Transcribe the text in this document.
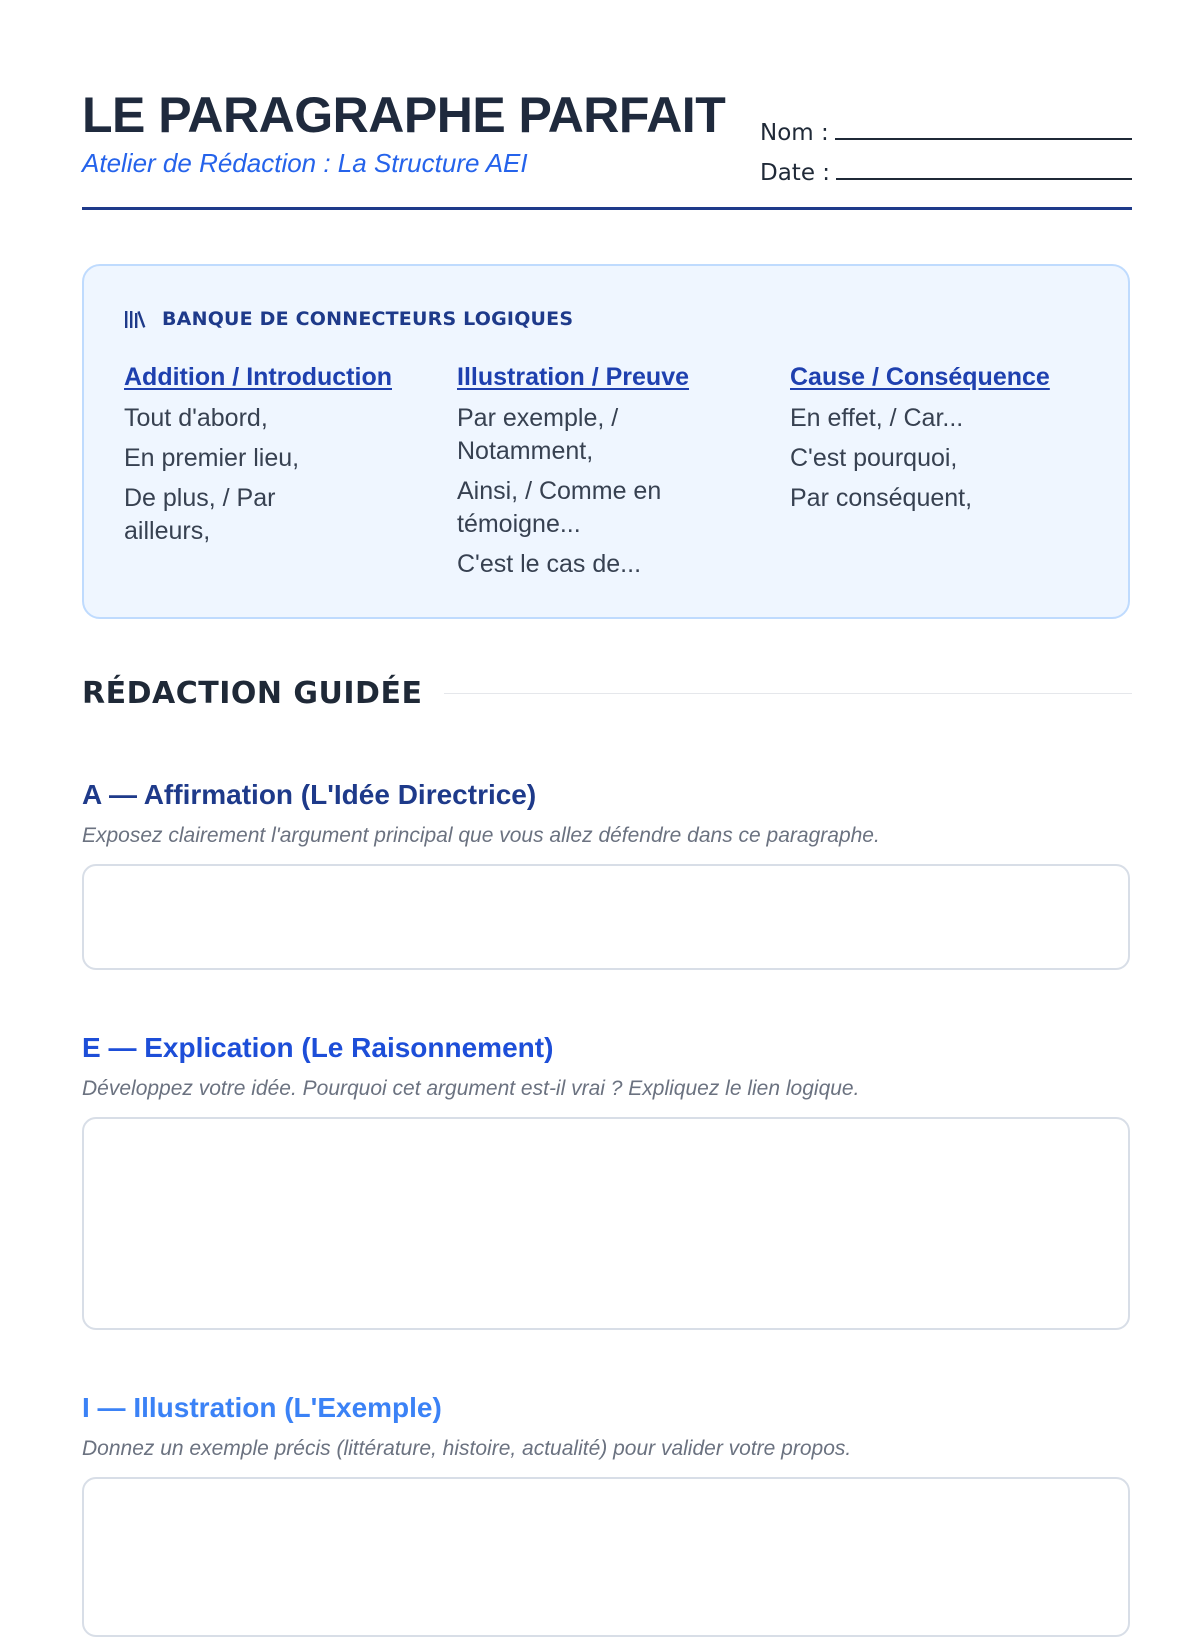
LE PARAGRAPHE PARFAIT
Atelier de Rédaction : La Structure AEI
Nom :
Date :
BANQUE DE CONNECTEURS LOGIQUES
Addition / Introduction
Tout d'abord,
En premier lieu,
De plus, / Par ailleurs,
Illustration / Preuve
Par exemple, / Notamment,
Ainsi, / Comme en témoigne...
C'est le cas de...
Cause / Conséquence
En effet, / Car...
C'est pourquoi,
Par conséquent,
RÉDACTION GUIDÉE
A — Affirmation (L'Idée Directrice)
Exposez clairement l'argument principal que vous allez défendre dans ce paragraphe.
E — Explication (Le Raisonnement)
Développez votre idée. Pourquoi cet argument est-il vrai ? Expliquez le lien logique.
I — Illustration (L'Exemple)
Donnez un exemple précis (littérature, histoire, actualité) pour valider votre propos.
